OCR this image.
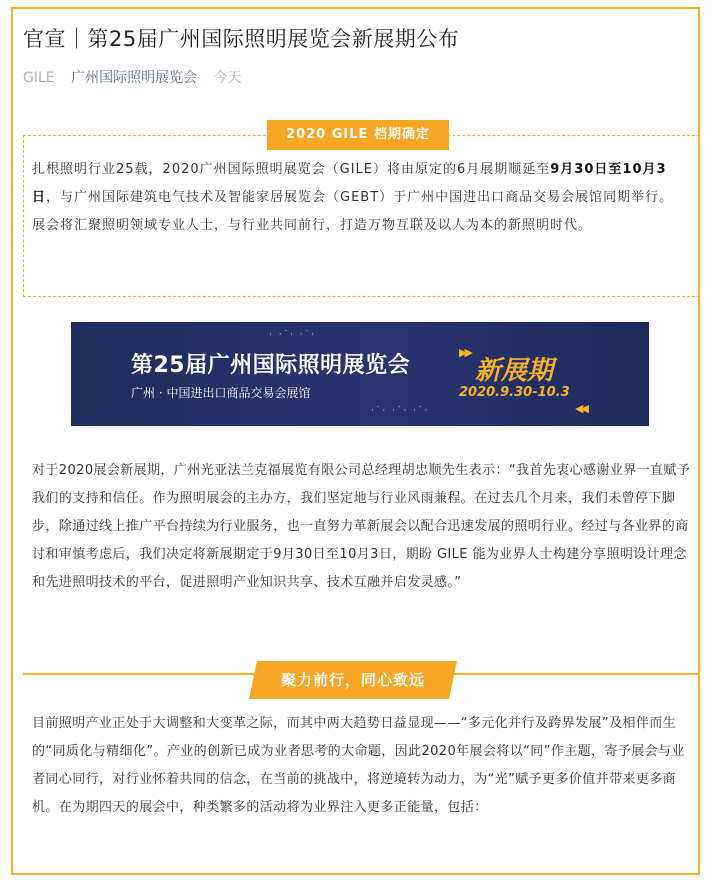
官宣｜第25届广州国际照明展览会新展期公布
GILE 广州国际照明展览会 今天
2020 GILE 档期确定

扎根照明行业25载，2020广州国际照明展览会（GILE）将由原定的6月展期顺延至9月30日至10月3日，与广州国际建筑电气技术及智能家居展览会（GEBT）于广州中国进出口商品交易会展馆同期举行。展会将汇聚照明领域专业人士，与行业共同前行，打造万物互联及以人为本的新照明时代。

· ·˙· ·˙·
·˙· ·˙· ·˙·
第25届广州国际照明展览会
广州 · 中国进出口商品交易会展馆
▶▶
新展期
2020.9.30-10.3
◀◀

对于2020展会新展期，广州光亚法兰克福展览有限公司总经理胡忠顺先生表示：“我首先衷心感谢业界一直赋予我们的支持和信任。作为照明展会的主办方，我们坚定地与行业风雨兼程。在过去几个月来，我们未曾停下脚步，除通过线上推广平台持续为行业服务，也一直努力革新展会以配合迅速发展的照明行业。经过与各业界的商讨和审慎考虑后，我们决定将新展期定于9月30日至10月3日，期盼 GILE 能为业界人士构建分享照明设计理念和先进照明技术的平台，促进照明产业知识共享、技术互融并启发灵感。”

聚力前行，同心致远

目前照明产业正处于大调整和大变革之际，而其中两大趋势日益显现——“多元化并行及跨界发展”及相伴而生的“同质化与精细化”。产业的创新已成为业者思考的大命题，因此2020年展会将以“同”作主题，寄予展会与业者同心同行，对行业怀着共同的信念，在当前的挑战中，将逆境转为动力，为“光”赋予更多价值并带来更多商机。在为期四天的展会中，种类繁多的活动将为业界注入更多正能量，包括：
